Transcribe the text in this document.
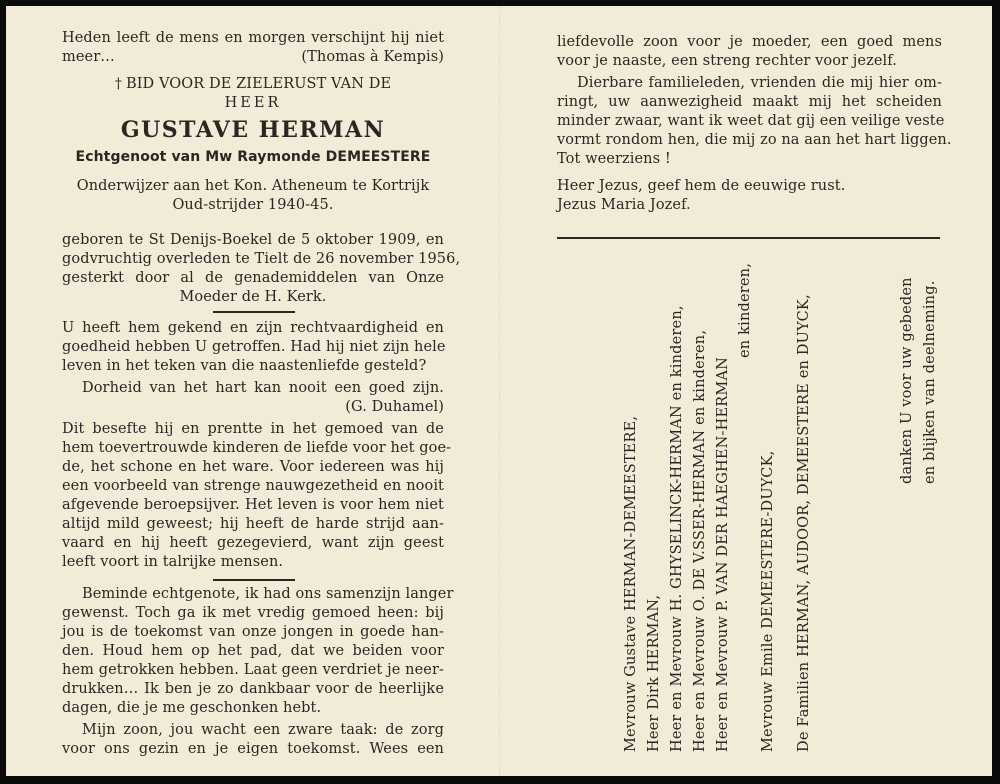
Heden leeft de mens en morgen verschijnt hij niet
meer…	(Thomas à Kempis)
† BID VOOR DE ZIELERUST VAN DE
HEER
GUSTAVE HERMAN
Echtgenoot van Mw Raymonde DEMEESTERE
Onderwijzer aan het Kon. Atheneum te Kortrijk
Oud-strijder 1940-45.
geboren te St Denijs-Boekel de 5 oktober 1909, en
godvruchtig overleden te Tielt de 26 november 1956,
gesterkt door al de genademiddelen van Onze
Moeder de H. Kerk.
U heeft hem gekend en zijn rechtvaardigheid en
goedheid hebben U getroffen. Had hij niet zijn hele
leven in het teken van die naastenliefde gesteld?
Dorheid van het hart kan nooit een goed zijn.
(G. Duhamel)
Dit besefte hij en prentte in het gemoed van de
hem toevertrouwde kinderen de liefde voor het goe-
de, het schone en het ware. Voor iedereen was hij
een voorbeeld van strenge nauwgezetheid en nooit
afgevende beroepsijver. Het leven is voor hem niet
altijd mild geweest; hij heeft de harde strijd aan-
vaard en hij heeft gezegevierd, want zijn geest
leeft voort in talrijke mensen.
Beminde echtgenote, ik had ons samenzijn langer
gewenst. Toch ga ik met vredig gemoed heen: bij
jou is de toekomst van onze jongen in goede han-
den. Houd hem op het pad, dat we beiden voor
hem getrokken hebben. Laat geen verdriet je neer-
drukken… Ik ben je zo dankbaar voor de heerlijke
dagen, die je me geschonken hebt.
Mijn zoon, jou wacht een zware taak: de zorg
voor ons gezin en je eigen toekomst. Wees een
liefdevolle zoon voor je moeder, een goed mens
voor je naaste, een streng rechter voor jezelf.
Dierbare familieleden, vrienden die mij hier om-
ringt, uw aanwezigheid maakt mij het scheiden
minder zwaar, want ik weet dat gij een veilige veste
vormt rondom hen, die mij zo na aan het hart liggen.
Tot weerziens !
Heer Jezus, geef hem de eeuwige rust.
Jezus Maria Jozef.
Mevrouw Gustave HERMAN-DEMEESTERE, Heer Dirk HERMAN, Heer en Mevrouw H. GHYSELINCK-HERMAN en kinderen, Heer en Mevrouw O. DE V.SSER-HERMAN en kinderen, Heer en Mevrouw P. VAN DER HAEGHEN-HERMAN
en kinderen,
Mevrouw Emile DEMEESTERE-DUYCK, De Familien HERMAN, AUDOOR, DEMEESTERE en DUYCK,	danken U voor uw gebeden en blijken van deelneming.
